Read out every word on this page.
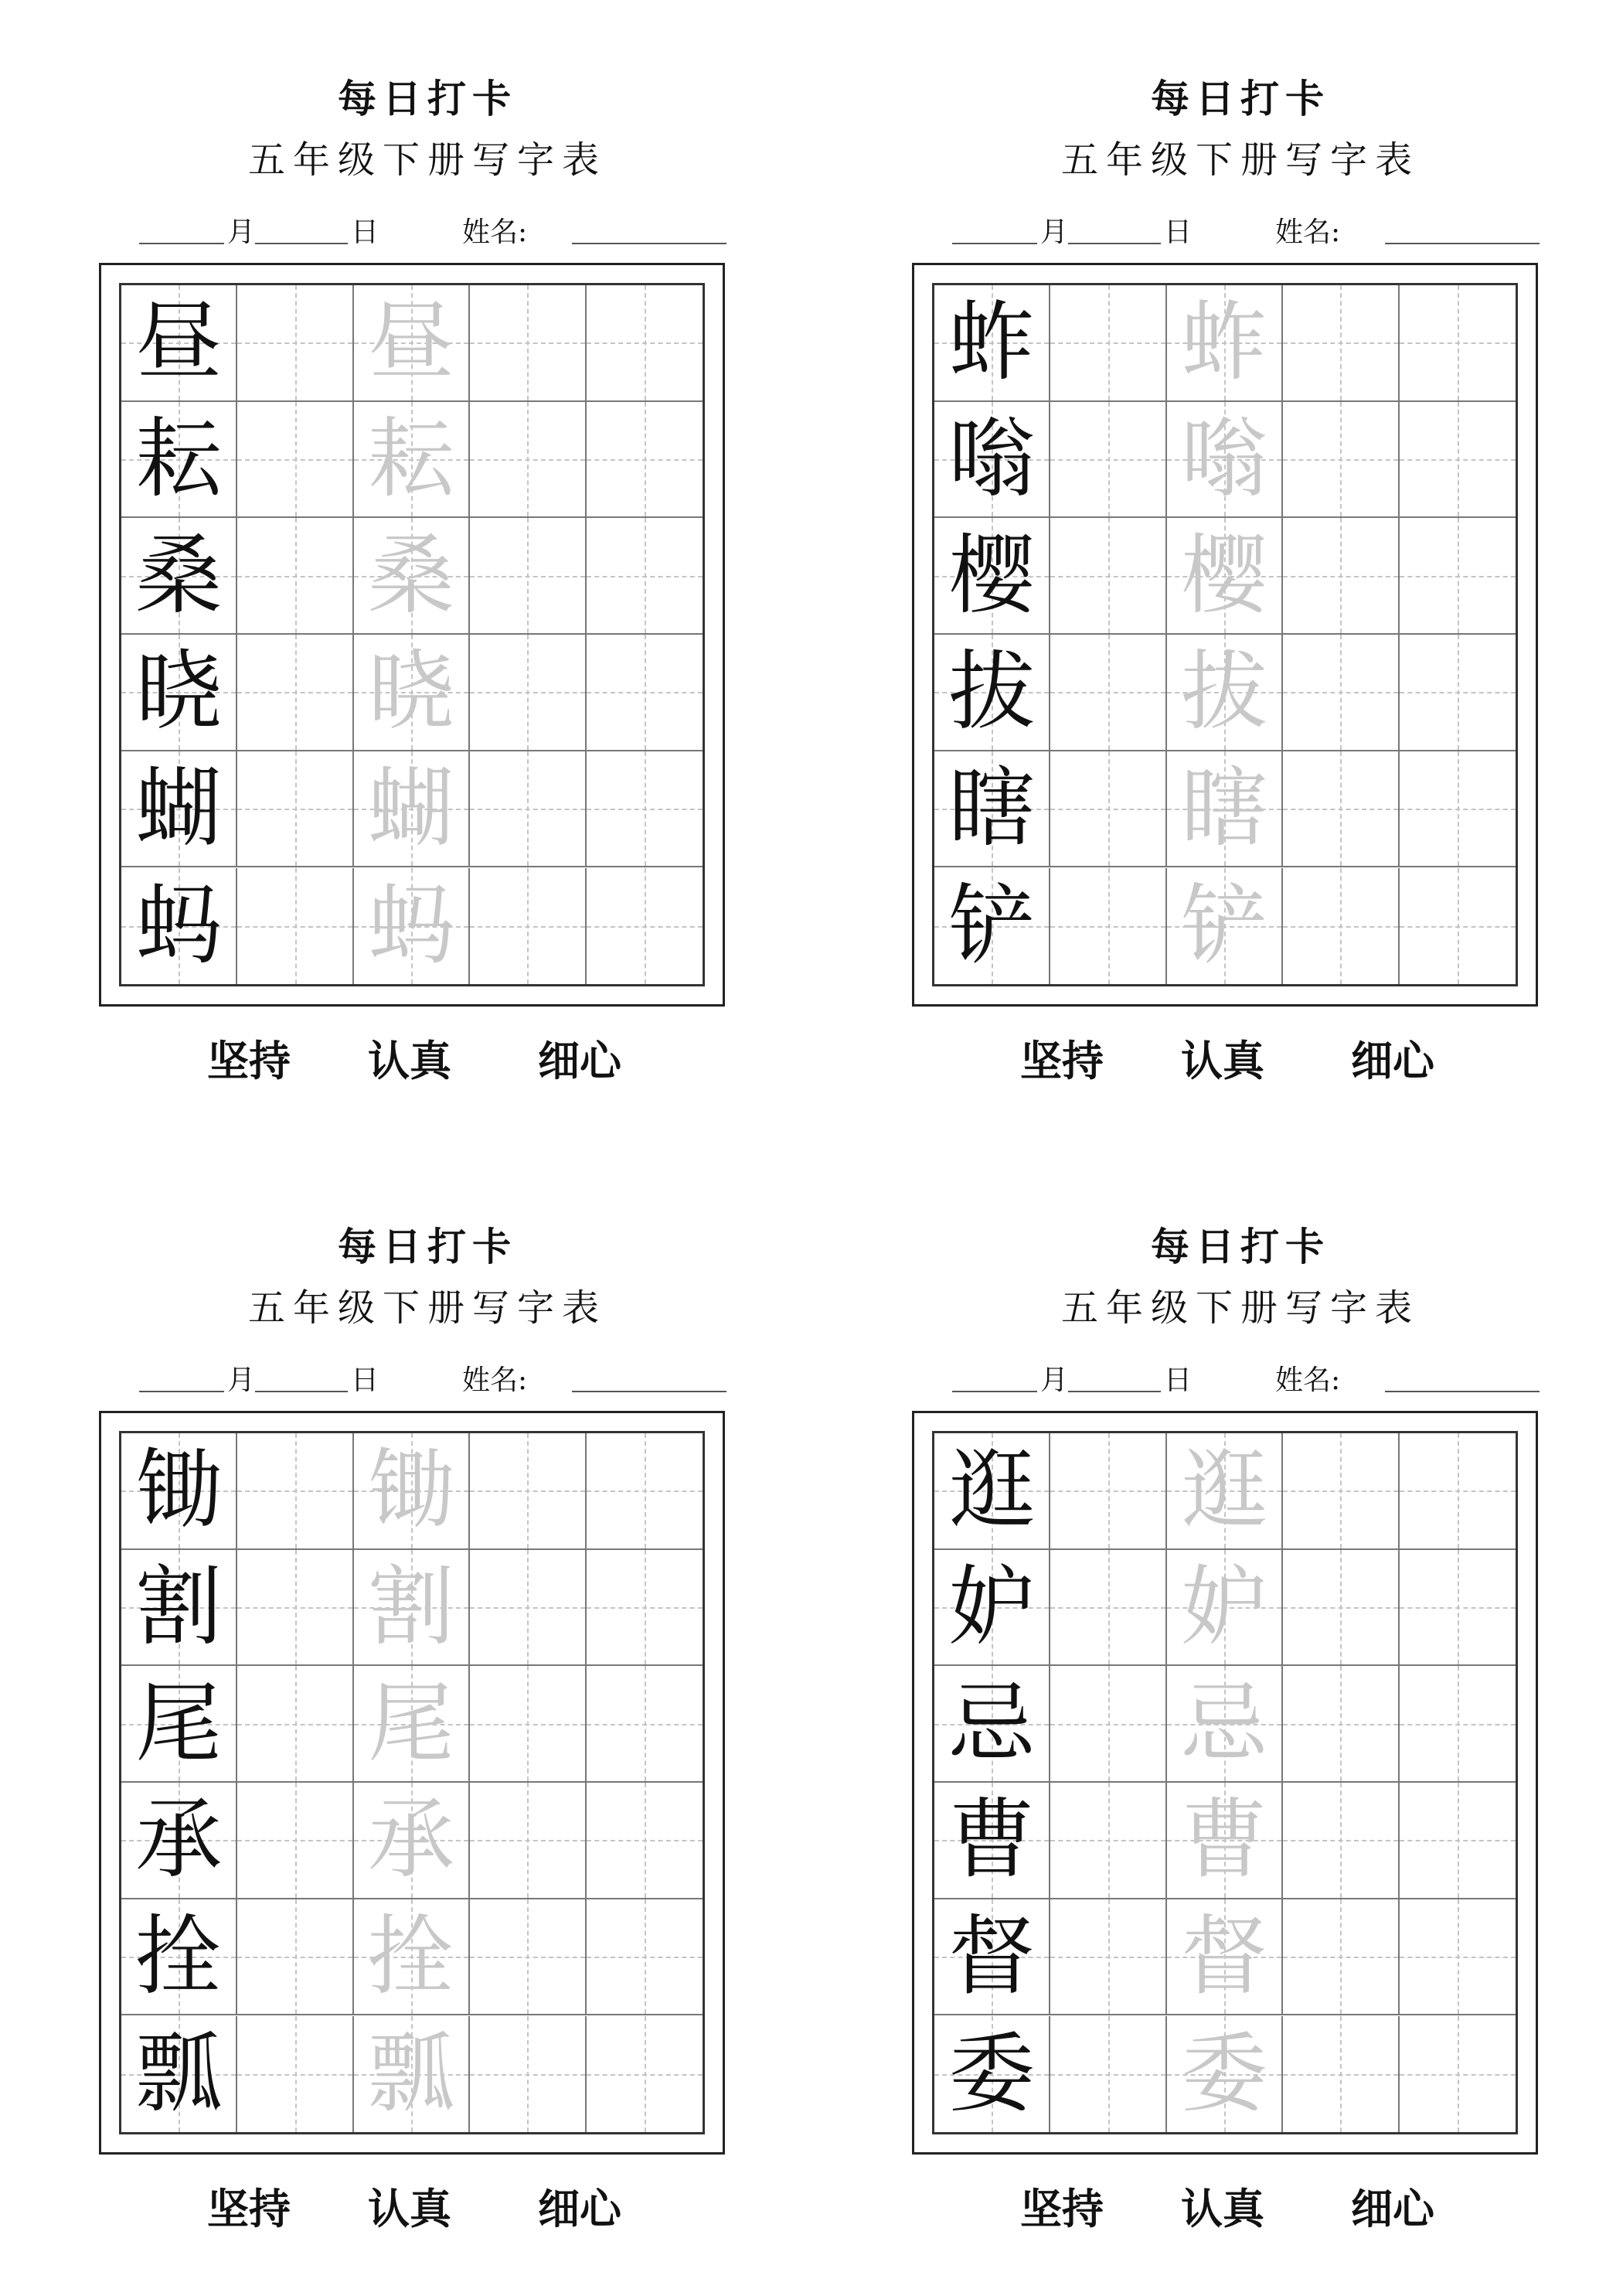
每日打卡
五年级下册写字表
月	日	姓名:
昼 昼
耘 耘
桑 桑
晓 晓
蝴 蝴
蚂 蚂
坚持 认真 细心
每日打卡
五年级下册写字表
月	日	姓名:
蚱 蚱
嗡 嗡
樱 樱
拔 拔
瞎 瞎
铲 铲
坚持 认真 细心
每日打卡
五年级下册写字表
月	日	姓名:
锄 锄
割 割
尾 尾
承 承
拴 拴
瓢 瓢
坚持 认真 细心
每日打卡
五年级下册写字表
月	日	姓名:
逛 逛
妒 妒
忌 忌
曹 曹
督 督
委 委
坚持 认真 细心
